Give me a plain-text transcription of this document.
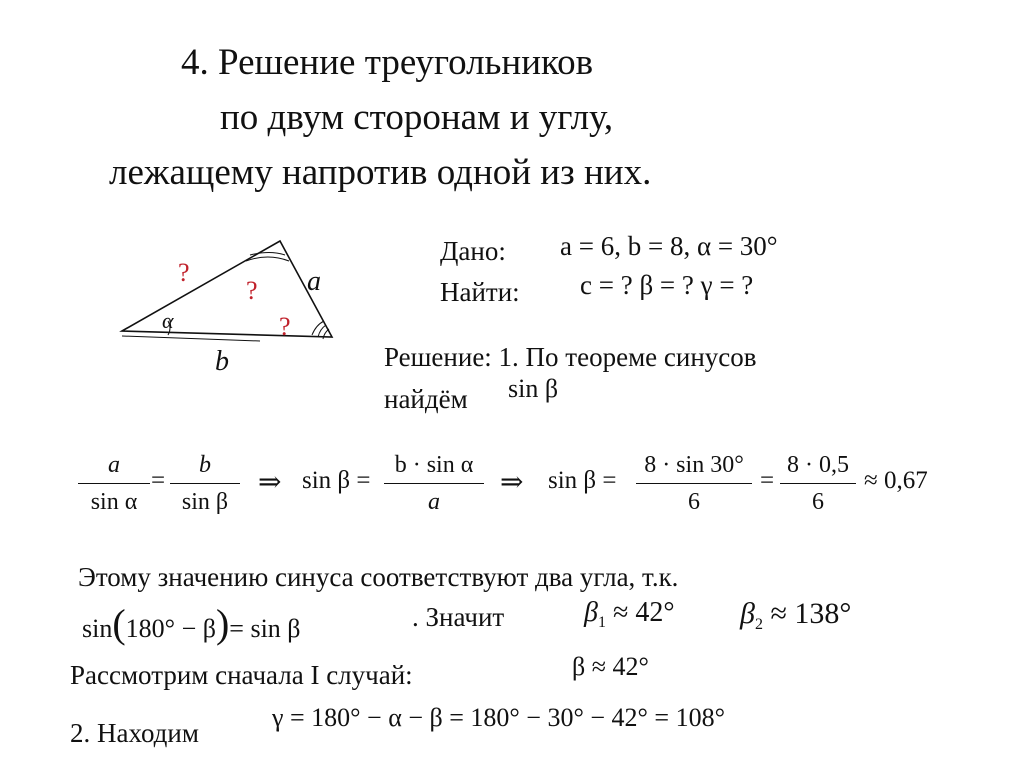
4. Решение треугольников
по двум сторонам и углу,
лежащему напротив одной из них.
?
?
?
a
b
α
Дано: a = 6, b = 8, α = 30°
Найти: c = ? β = ? γ = ?
Решение: 1. По теореме синусов
найдём sin β
a
sin α
=
b
sin β
⇒ sin β =
b · sin α
a
⇒ sin β =
8 · sin 30°
6
=
8 · 0,5
6
≈ 0,67
Этому значению синуса соответствуют два угла, т.к.
sin(180° − β)= sin β	. Значит	$\beta_1 \approx 42^\circ$ $\beta_2 \approx 138^\circ$
Рассмотрим сначала I случай:	β ≈ 42°
2. Находим
γ = 180° − α − β = 180° − 30° − 42° = 108°
